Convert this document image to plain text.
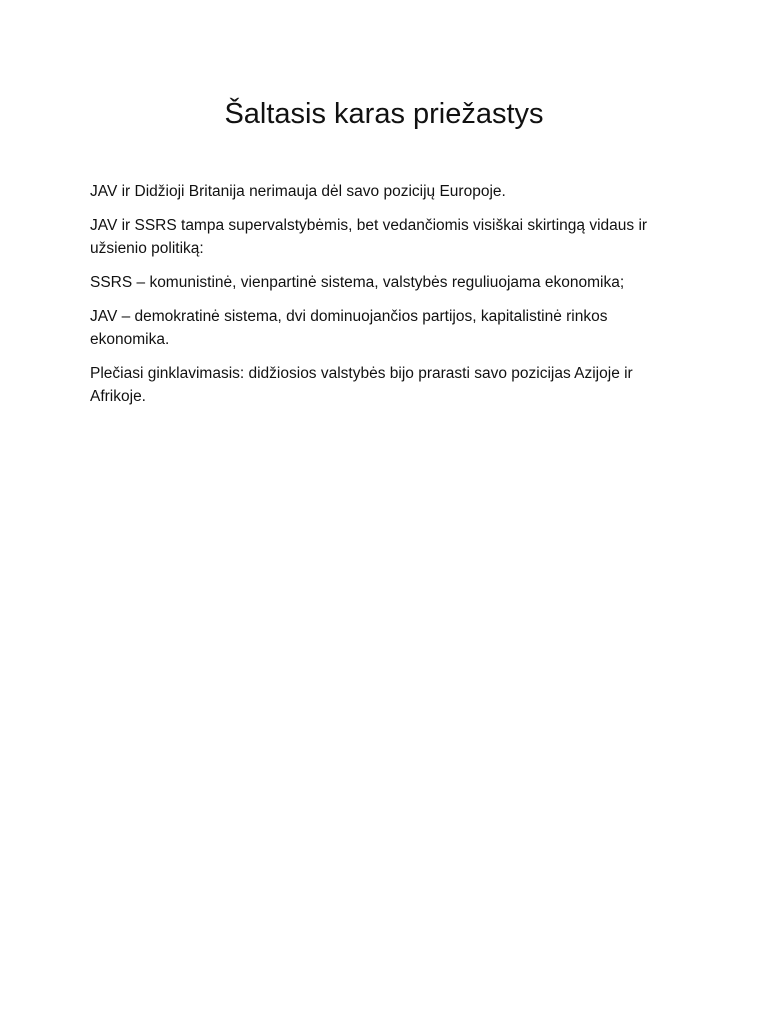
Šaltasis karas priežastys

JAV ir Didžioji Britanija nerimauja dėl savo pozicijų Europoje.

JAV ir SSRS tampa supervalstybėmis, bet vedančiomis visiškai skirtingą vidaus ir užsienio politiką:

SSRS – komunistinė, vienpartinė sistema, valstybės reguliuojama ekonomika;

JAV – demokratinė sistema, dvi dominuojančios partijos, kapitalistinė rinkos ekonomika.

Plečiasi ginklavimasis: didžiosios valstybės bijo prarasti savo pozicijas Azijoje ir Afrikoje.
